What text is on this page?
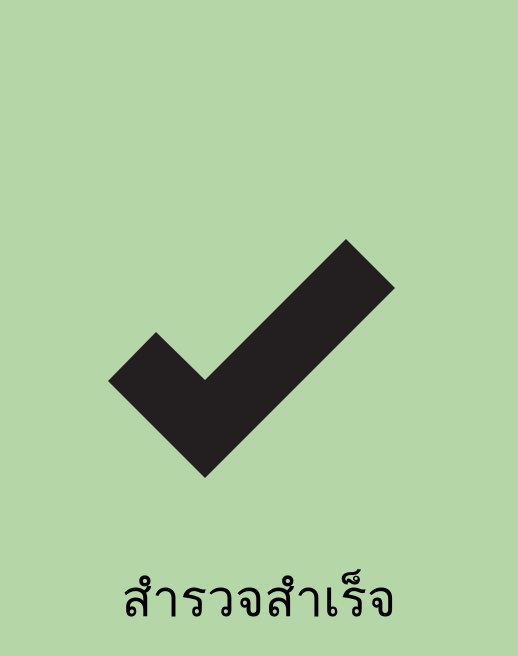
สำรวจสำเร็จ
